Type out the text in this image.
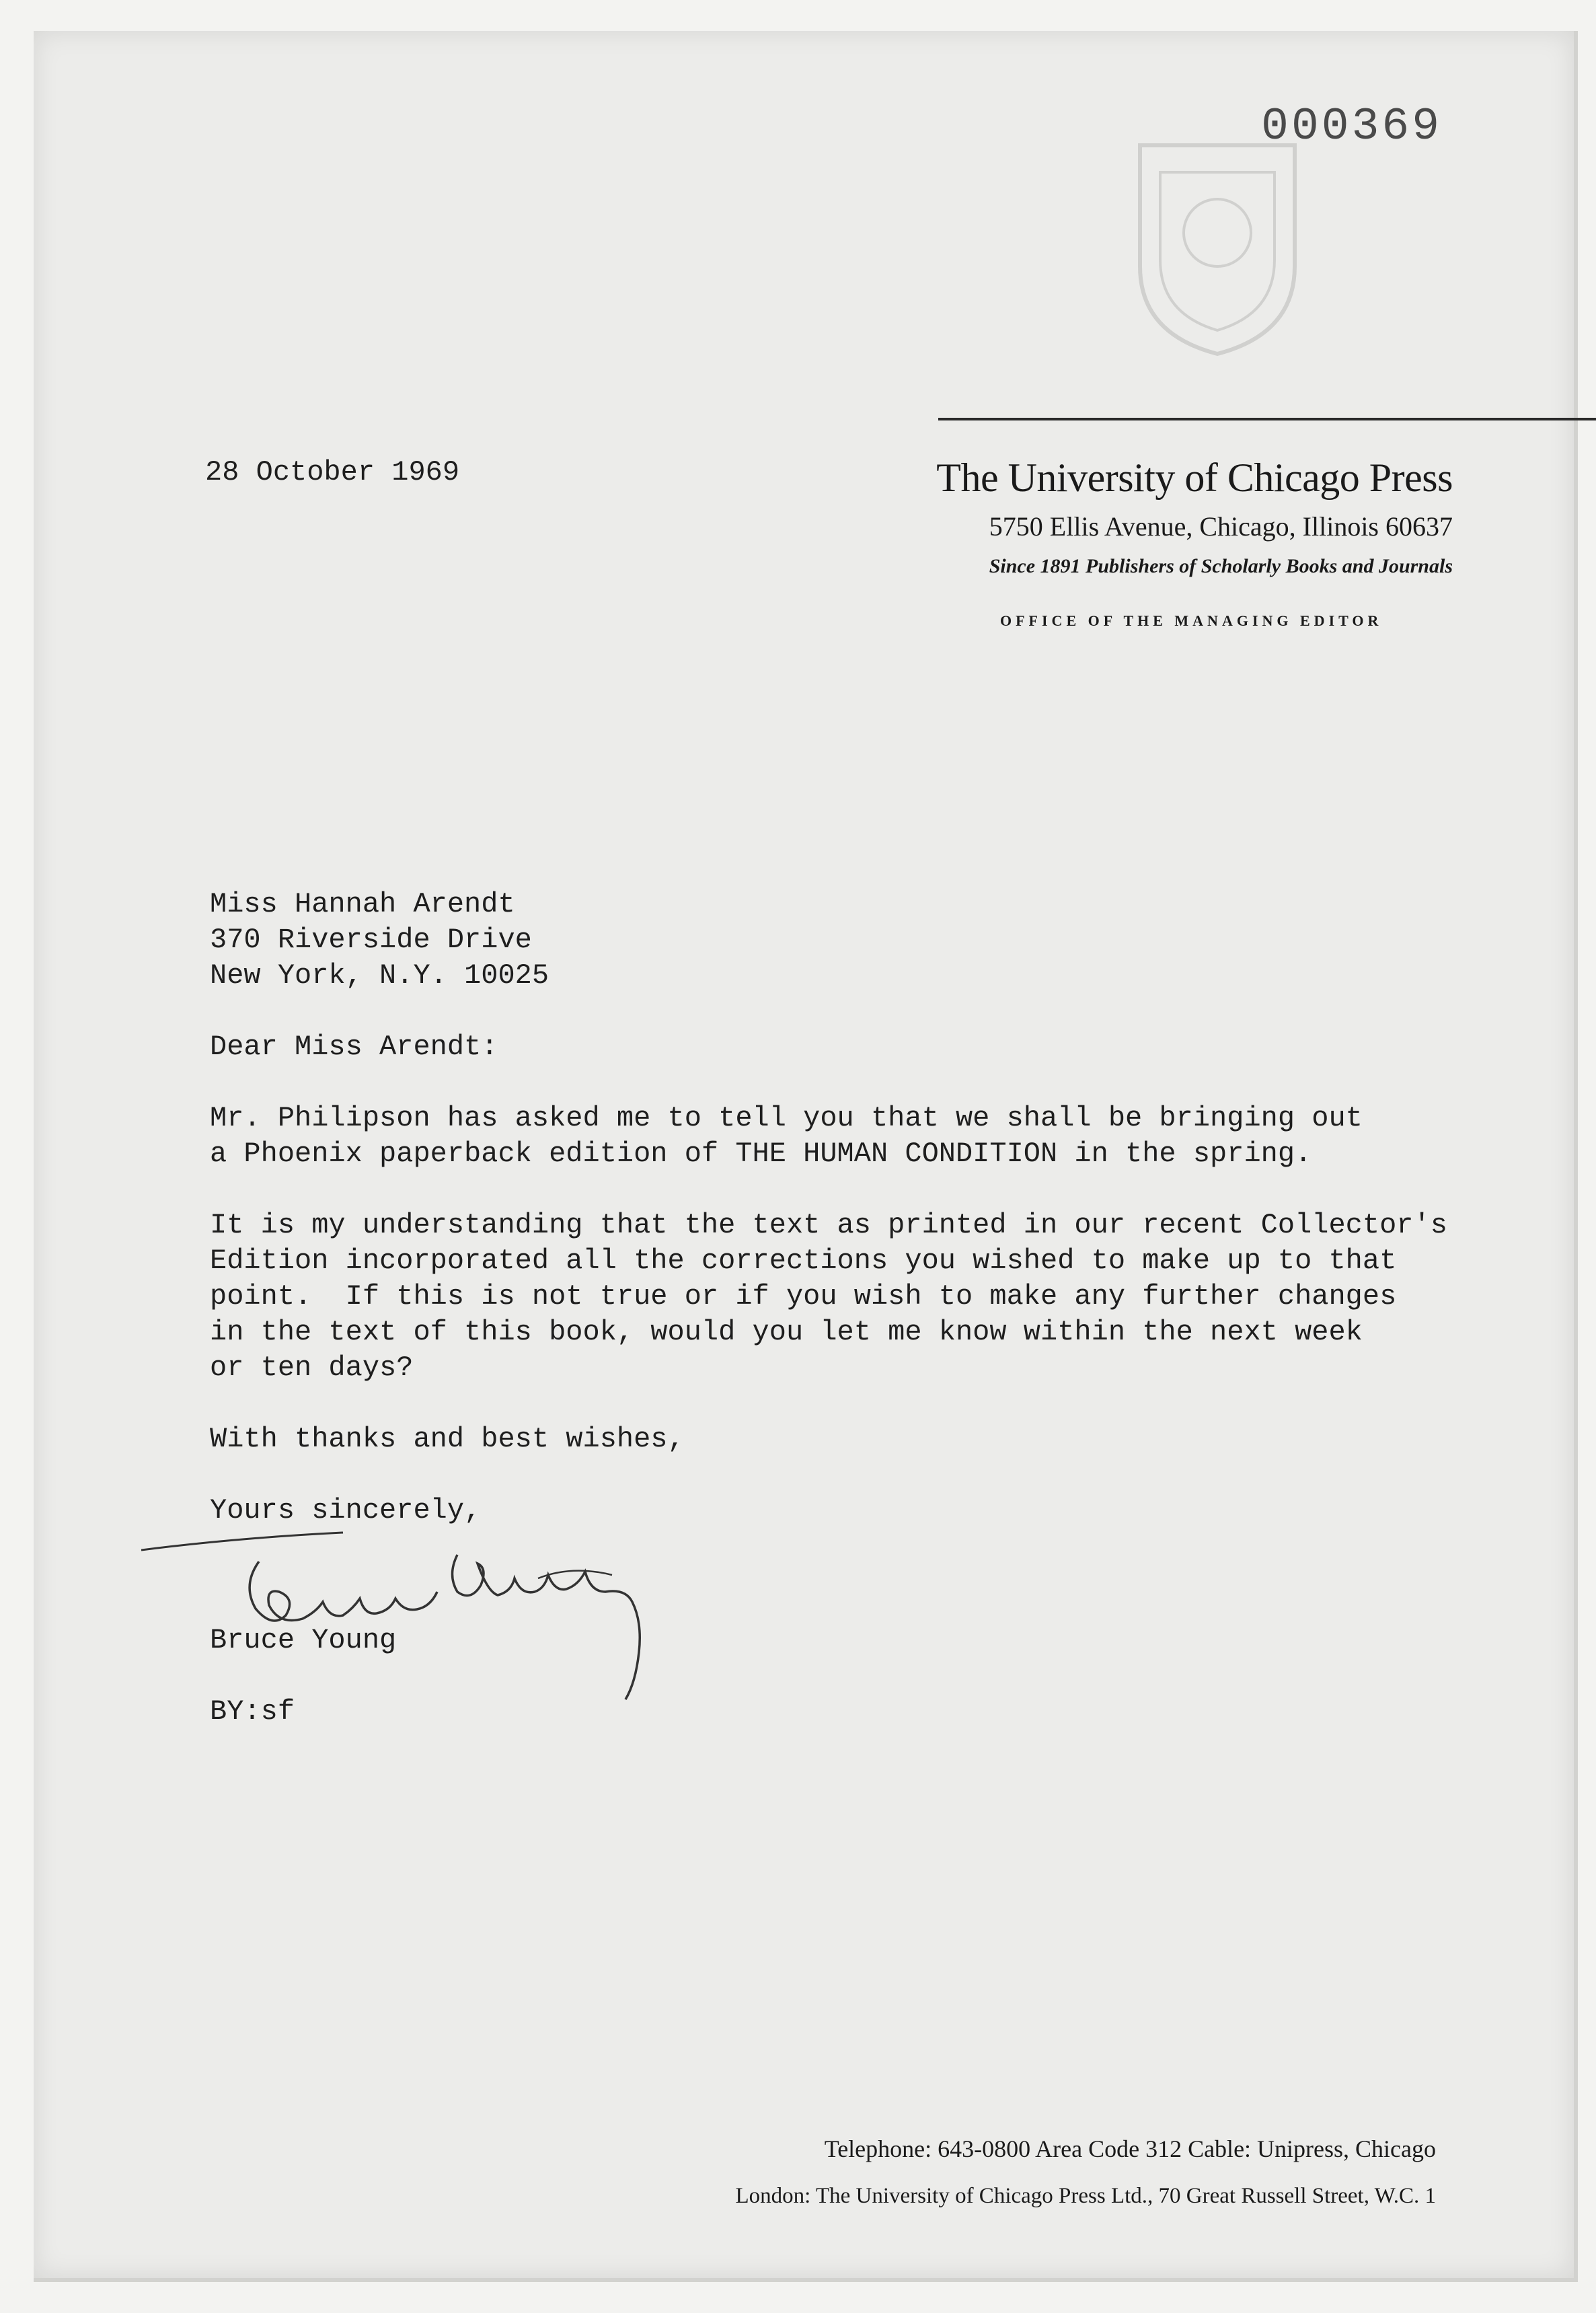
000369
28 October 1969	The University of Chicago Press
5750 Ellis Avenue, Chicago, Illinois 60637
Since 1891 Publishers of Scholarly Books and Journals
OFFICE OF THE MANAGING EDITOR

Miss Hannah Arendt
370 Riverside Drive
New York, N.Y. 10025

Dear Miss Arendt:

Mr. Philipson has asked me to tell you that we shall be bringing out
a Phoenix paperback edition of THE HUMAN CONDITION in the spring.

It is my understanding that the text as printed in our recent Collector's
Edition incorporated all the corrections you wished to make up to that
point.  If this is not true or if you wish to make any further changes
in the text of this book, would you let me know within the next week
or ten days?

With thanks and best wishes,

Yours sincerely,

Bruce Young

BY:sf

Telephone: 643-0800 Area Code 312 Cable: Unipress, Chicago
London: The University of Chicago Press Ltd., 70 Great Russell Street, W.C. 1
